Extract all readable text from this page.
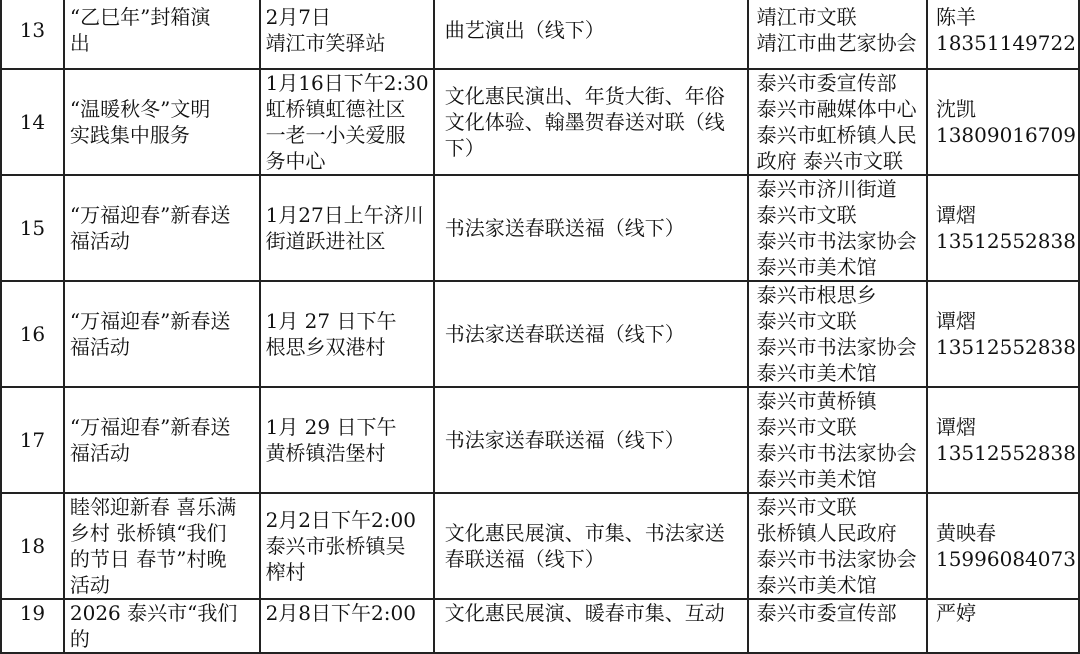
13	“乙巳年”封箱演
出	2月7日
靖江市笑驿站	曲艺演出（线下）	靖江市文联
靖江市曲艺家协会	陈羊
18351149722
14	“温暖秋冬”文明
实践集中服务	1月16日下午2:30
虹桥镇虹德社区
一老一小关爱服
务中心	文化惠民演出、年货大街、年俗
文化体验、翰墨贺春送对联（线
下）	泰兴市委宣传部
泰兴市融媒体中心
泰兴市虹桥镇人民
政府 泰兴市文联	沈凯
13809016709
15	“万福迎春”新春送
福活动	1月27日上午济川
街道跃进社区	书法家送春联送福（线下）	泰兴市济川街道
泰兴市文联
泰兴市书法家协会
泰兴市美术馆	谭熠
13512552838
16	“万福迎春”新春送
福活动	1月 27 日下午
根思乡双港村	书法家送春联送福（线下）	泰兴市根思乡
泰兴市文联
泰兴市书法家协会
泰兴市美术馆	谭熠
13512552838
17	“万福迎春”新春送
福活动	1月 29 日下午
黄桥镇浩堡村	书法家送春联送福（线下）	泰兴市黄桥镇
泰兴市文联
泰兴市书法家协会
泰兴市美术馆	谭熠
13512552838
18	睦邻迎新春 喜乐满
乡村 张桥镇“我们
的节日 春节”村晚
活动	2月2日下午2:00
泰兴市张桥镇吴
榨村	文化惠民展演、市集、书法家送
春联送福（线下）	泰兴市文联
张桥镇人民政府
泰兴市书法家协会
泰兴市美术馆	黄映春
15996084073
19	2026 泰兴市“我们的	2月8日下午2:00	文化惠民展演、暖春市集、互动	泰兴市委宣传部	严婷
